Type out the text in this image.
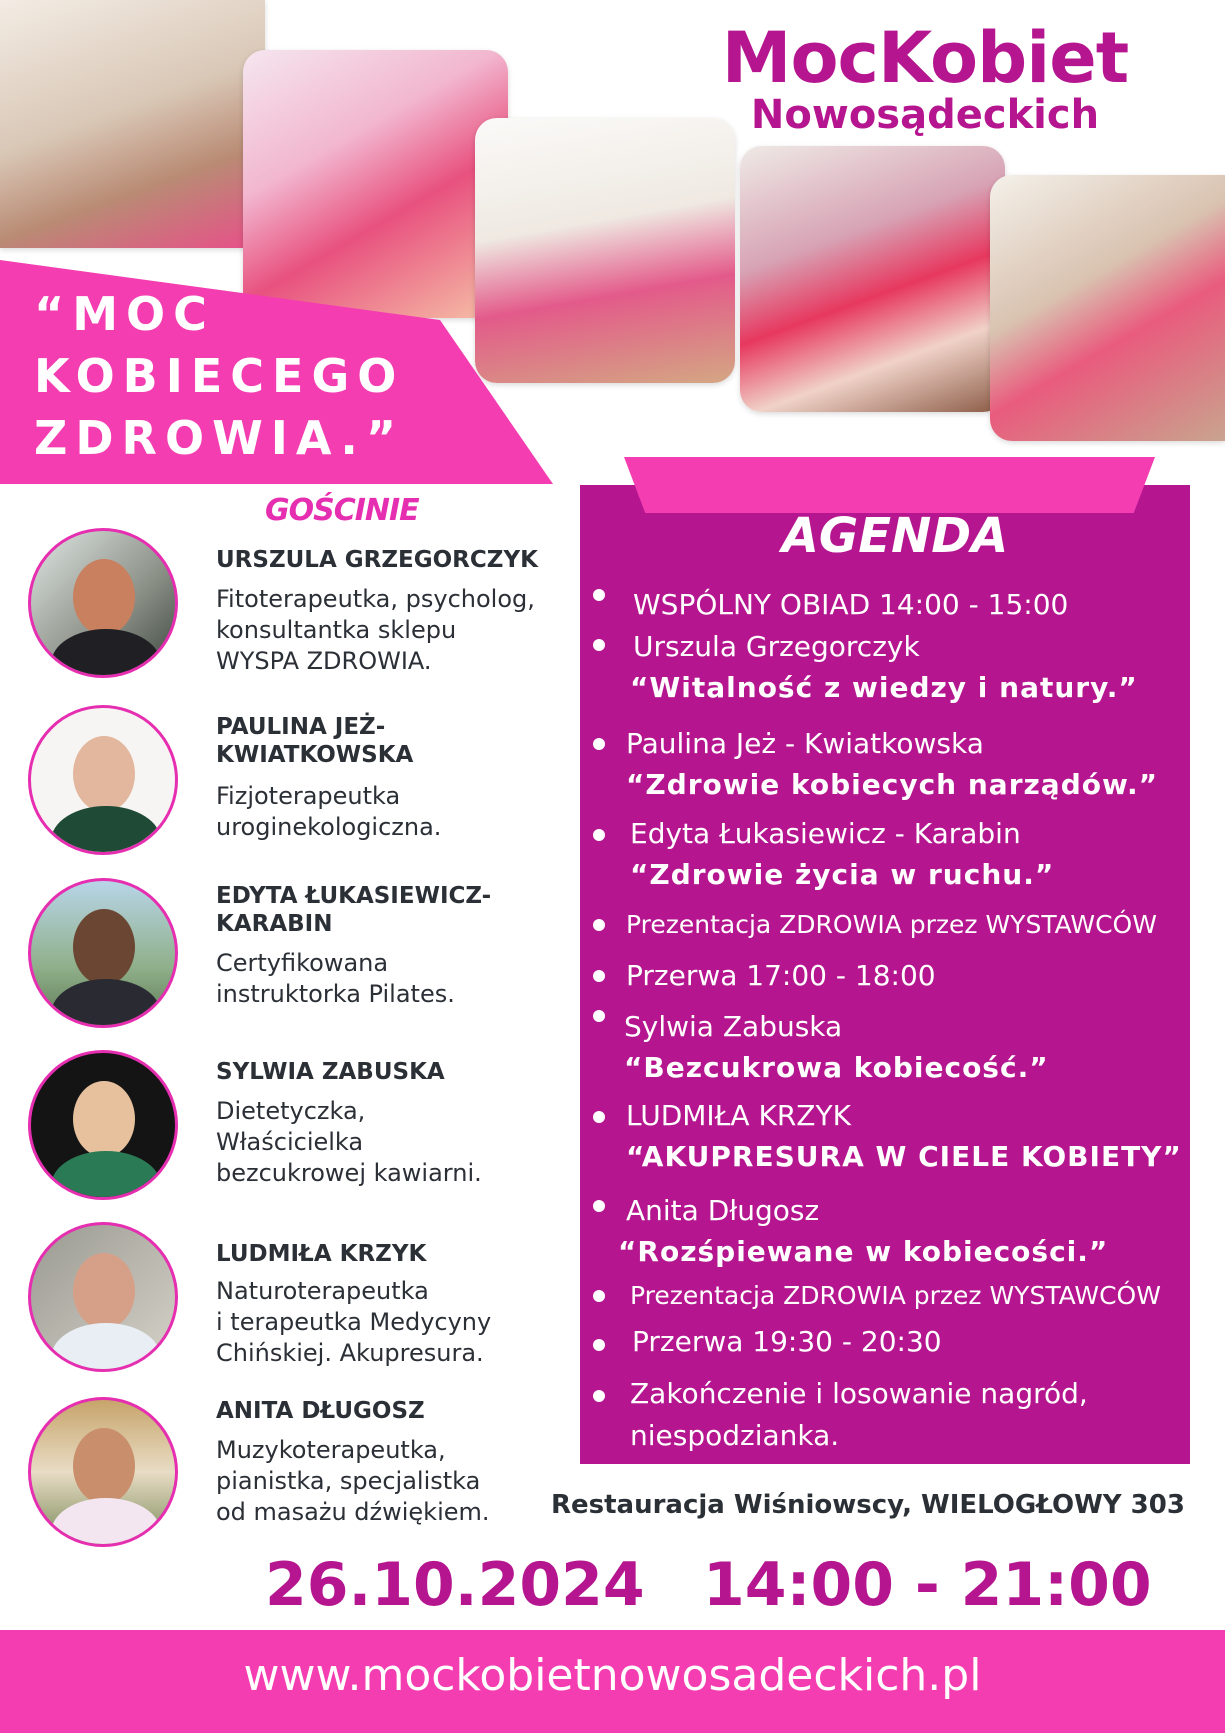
MocKobiet
Nowosądeckich
“MOC
KOBIECEGO
ZDROWIA.”
GOŚCINIE
URSZULA GRZEGORCZYK
Fitoterapeutka, psycholog,
konsultantka sklepu
WYSPA ZDROWIA.
PAULINA JEŻ-
KWIATKOWSKA
Fizjoterapeutka
uroginekologiczna.
EDYTA ŁUKASIEWICZ-
KARABIN
Certyfikowana
instruktorka Pilates.
SYLWIA ZABUSKA
Dietetyczka,
Właścicielka
bezcukrowej kawiarni.
LUDMIŁA KRZYK
Naturoterapeutka
i terapeutka Medycyny
Chińskiej. Akupresura.
ANITA DŁUGOSZ
Muzykoterapeutka,
pianistka, specjalistka
od masażu dźwiękiem.
AGENDA
WSPÓLNY OBIAD 14:00 - 15:00
Urszula Grzegorczyk
“Witalność z wiedzy i natury.”
Paulina Jeż - Kwiatkowska
“Zdrowie kobiecych narządów.”
Edyta Łukasiewicz - Karabin
“Zdrowie życia w ruchu.”
Prezentacja ZDROWIA przez WYSTAWCÓW
Przerwa 17:00 - 18:00
Sylwia Zabuska
“Bezcukrowa kobiecość.”
LUDMIŁA KRZYK
“AKUPRESURA W CIELE KOBIETY”
Anita Długosz
“Rozśpiewane w kobiecości.”
Prezentacja ZDROWIA przez WYSTAWCÓW
Przerwa 19:30 - 20:30
Zakończenie i losowanie nagród,
niespodzianka.
Restauracja Wiśniowscy, WIELOGŁOWY 303
26.10.2024 14:00 - 21:00
www.mockobietnowosadeckich.pl
